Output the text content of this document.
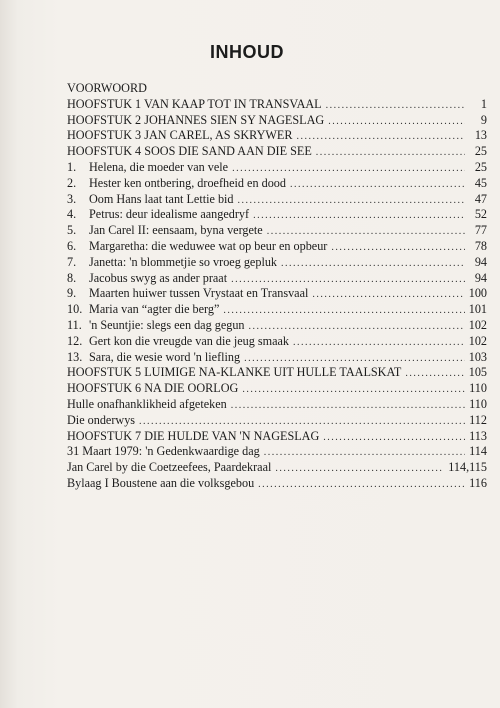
INHOUD
VOORWOORD
HOOFSTUK 1 VAN KAAP TOT IN TRANSVAAL .....	1
HOOFSTUK 2 JOHANNES SIEN SY NAGESLAG .....	9
HOOFSTUK 3 JAN CAREL, AS SKRYWER .....	13
HOOFSTUK 4 SOOS DIE SAND AAN DIE SEE .....	25
1. Helena, die moeder van vele .....	25
2. Hester ken ontbering, droefheid en dood .....	45
3. Oom Hans laat tant Lettie bid .....	47
4. Petrus: deur idealisme aangedryf .....	52
5. Jan Carel II: eensaam, byna vergete .....	77
6. Margaretha: die weduwee wat op beur en opbeur .....	78
7. Janetta: 'n blommetjie so vroeg gepluk .....	94
8. Jacobus swyg as ander praat .....	94
9. Maarten huiwer tussen Vrystaat en Transvaal .....	100
10. Maria van “agter die berg” .....	101
11. 'n Seuntjie: slegs een dag gegun .....	102
12. Gert kon die vreugde van die jeug smaak .....	102
13. Sara, die wesie word 'n liefling .....	103
HOOFSTUK 5 LUIMIGE NA-KLANKE UIT HULLE TAALSKAT .....	105
HOOFSTUK 6 NA DIE OORLOG .....	110
Hulle onafhanklikheid afgeteken .....	110
Die onderwys .....	112
HOOFSTUK 7 DIE HULDE VAN 'N NAGESLAG .....	113
31 Maart 1979: 'n Gedenkwaardige dag .....	114
Jan Carel by die Coetzeefees, Paardekraal .....	114,115
Bylaag I Boustene aan die volksgebou .....	116
